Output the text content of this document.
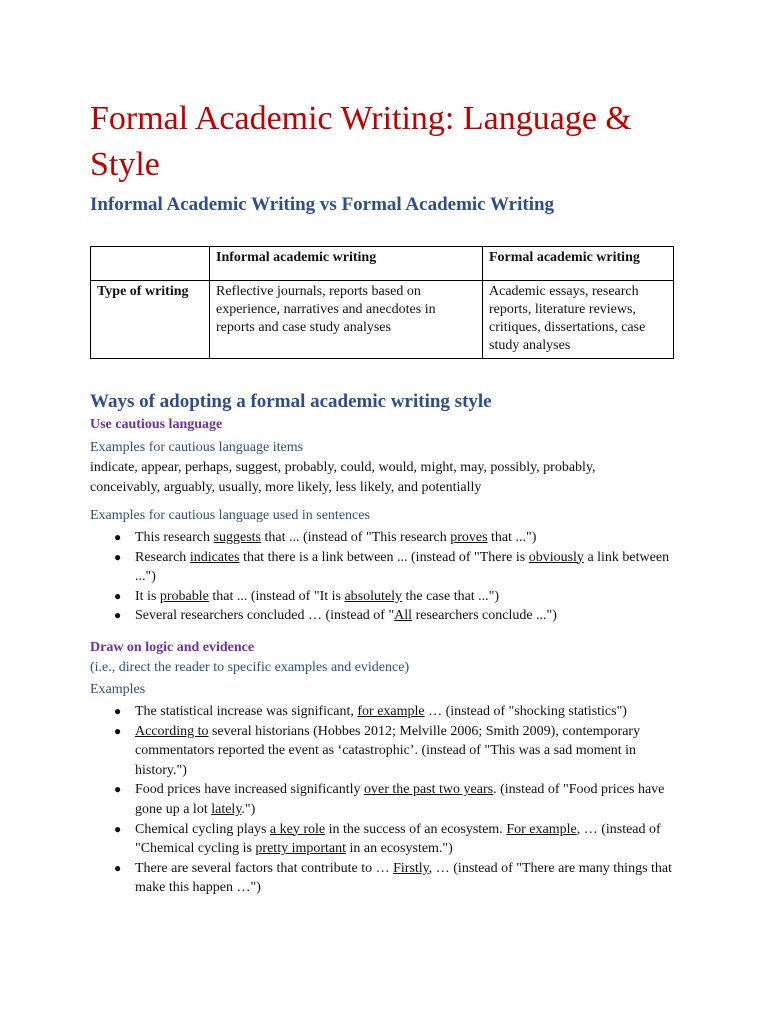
Formal Academic Writing: Language & Style
Informal Academic Writing vs Formal Academic Writing
	Informal academic writing	Formal academic writing
Type of writing	Reflective journals, reports based on experience, narratives and anecdotes in reports and case study analyses	Academic essays, research reports, literature reviews, critiques, dissertations, case study analyses
Ways of adopting a formal academic writing style
Use cautious language

Examples for cautious language items

indicate, appear, perhaps, suggest, probably, could, would, might, may, possibly, probably, conceivably, arguably, usually, more likely, less likely, and potentially

Examples for cautious language used in sentences

● This research suggests that ... (instead of "This research proves that ...")
● Research indicates that there is a link between ... (instead of "There is obviously a link between ...")
● It is probable that ... (instead of "It is absolutely the case that ...")
● Several researchers concluded … (instead of "All researchers conclude ...")
Draw on logic and evidence

(i.e., direct the reader to specific examples and evidence)

Examples

● The statistical increase was significant, for example … (instead of "shocking statistics")
● According to several historians (Hobbes 2012; Melville 2006; Smith 2009), contemporary commentators reported the event as ‘catastrophic’. (instead of "This was a sad moment in history.")
● Food prices have increased significantly over the past two years. (instead of "Food prices have gone up a lot lately.")
● Chemical cycling plays a key role in the success of an ecosystem. For example, … (instead of "Chemical cycling is pretty important in an ecosystem.")
● There are several factors that contribute to … Firstly, … (instead of "There are many things that make this happen …")
